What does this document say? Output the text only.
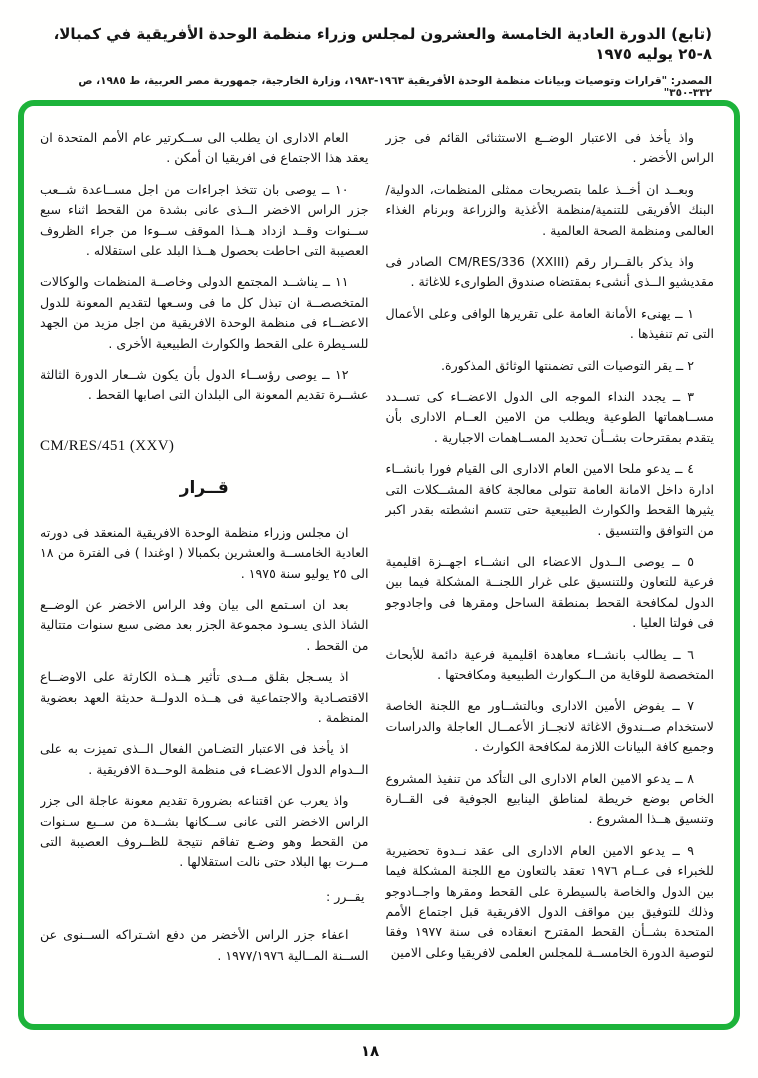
(تابع) الدورة العادية الخامسة والعشرون لمجلس وزراء منظمة الوحدة الأفريقية في كمبالا، ٨-٢٥ يوليه ١٩٧٥
المصدر: "قرارات وتوصيات وبيانات منظمة الوحدة الأفريقية ١٩٦٣-١٩٨٣، وزارة الخارجية، جمهورية مصر العربية، ط ١٩٨٥، ص ٣٣٢-٣٥٠"

واذ يأخذ فى الاعتبار الوضــع الاستثنائى القائم فى جزر الراس الأخضر .

وبعــد ان أخــذ علما بتصريحات ممثلى المنظمات، الدولية/البنك الأفريقى للتنمية/منظمة الأغذية والزراعة وبرنام الغذاء العالمى ومنظمة الصحة العالمية .

واذ يذكر بالقــرار رقم CM/RES/336 (XXIII) الصادر فى مقديشيو الــذى أنشىء بمقتضاه صندوق الطوارىء للاغاثة .

١ ــ يهنىء الأمانة العامة على تقريرها الوافى وعلى الأعمال التى تم تنفيذها .

٢ ــ يقر التوصيات التى تضمنتها الوثائق المذكورة.

٣ ــ يجدد النداء الموجه الى الدول الاعضــاء كى تســدد مســاهماتها الطوعية ويطلب من الامين العــام الادارى بأن يتقدم بمقترحات بشــأن تحديد المســاهمات الاجبارية .

٤ ــ يدعو ملحا الامين العام الادارى الى القيام فورا بانشــاء ادارة داخل الامانة العامة تتولى معالجة كافة المشــكلات التى يثيرها القحط والكوارث الطبيعية حتى تتسم انشطته بقدر اكبر من التوافق والتنسيق .

٥ ــ يوصى الــدول الاعضاء الى انشــاء اجهــزة اقليمية فرعية للتعاون وللتنسيق على غرار اللجنــة المشكلة فيما بين الدول لمكافحة القحط بمنطقة الساحل ومقرها فى واجادوجو فى فولتا العليا .

٦ ــ يطالب بانشــاء معاهدة اقليمية فرعية دائمة للأبحاث المتخصصة للوقاية من الــكوارث الطبيعية ومكافحتها .

٧ ــ يفوض الأمين الادارى وبالتشــاور مع اللجنة الخاصة لاستخدام صــندوق الاغاثة لانجــاز الأعمــال العاجلة والدراسات وجميع كافة البيانات اللازمة لمكافحة الكوارث .

٨ ــ يدعو الامين العام الادارى الى التأكد من تنفيذ المشروع الخاص بوضع خريطة لمناطق الينابيع الجوفية فى القــارة وتنسيق هــذا المشروع .

٩ ــ يدعو الامين العام الادارى الى عقد نــدوة تحضيرية للخبراء فى عــام ١٩٧٦ تعقد بالتعاون مع اللجنة المشكلة فيما بين الدول والخاصة بالسيطرة على القحط ومقرها واجــادوجو وذلك للتوفيق بين مواقف الدول الافريقية قبل اجتماع الأمم المتحدة بشــأن القحط المقترح انعقاده فى سنة ١٩٧٧ وفقا لتوصية الدورة الخامســة للمجلس العلمى لافريقيا وعلى الامين

العام الادارى ان يطلب الى ســكرتير عام الأمم المتحدة ان يعقد هذا الاجتماع فى افريقيا ان أمكن .

١٠ ــ يوصى بان تتخذ اجراءات من اجل مســاعدة شــعب جزر الراس الاخضر الــذى عانى بشدة من القحط اثناء سبع ســنوات وقــد ازداد هــذا الموقف ســوءا من جراء الظروف العصيبة التى احاطت بحصول هــذا البلد على استقلاله .

١١ ــ يناشــد المجتمع الدولى وخاصــة المنظمات والوكالات المتخصصــة ان تبذل كل ما فى وسـعها لتقديم المعونة للدول الاعضــاء فى منظمة الوحدة الافريقية من اجل مزيد من الجهد للسـيطرة على القحط والكوارث الطبيعية الأخرى .

١٢ ــ يوصى رؤســاء الدول بأن يكون شــعار الدورة الثالثة عشــرة تقديم المعونة الى البلدان التى اصابها القحط .

CM/RES/451 (XXV)

قــرار

ان مجلس وزراء منظمة الوحدة الافريقية المنعقد فى دورته العادية الخامســة والعشرين بكمبالا ( اوغندا ) فى الفترة من ١٨ الى ٢٥ يوليو سنة ١٩٧٥ .

بعد ان اسـتمع الى بيان وفد الراس الاخضر عن الوضــع الشاذ الذى يسـود مجموعة الجزر بعد مضى سبع سنوات متتالية من القحط .

اذ يسـجل بقلق مــدى تأثير هــذه الكارثة على الاوضــاع الاقتصـادية والاجتماعية فى هــذه الدولــة حديثة العهد بعضوية المنظمة .

اذ يأخذ فى الاعتبار التضـامن الفعال الــذى تميزت به على الــدوام الدول الاعضـاء فى منظمة الوحــدة الافريقية .

واذ يعرب عن اقتناعه بضرورة تقديم معونة عاجلة الى جزر الراس الاخضر التى عانى ســكانها بشــدة من ســبع سـنوات من القحط وهو وضـع تفاقم نتيجة للظــروف العصيبة التى مــرت بها البلاد حتى نالت استقلالها .

يقــرر :

اعفاء جزر الراس الأخضر من دفع اشـتراكه الســنوى عن الســنة المــالية ١٩٧٧/١٩٧٦ .

١٨
